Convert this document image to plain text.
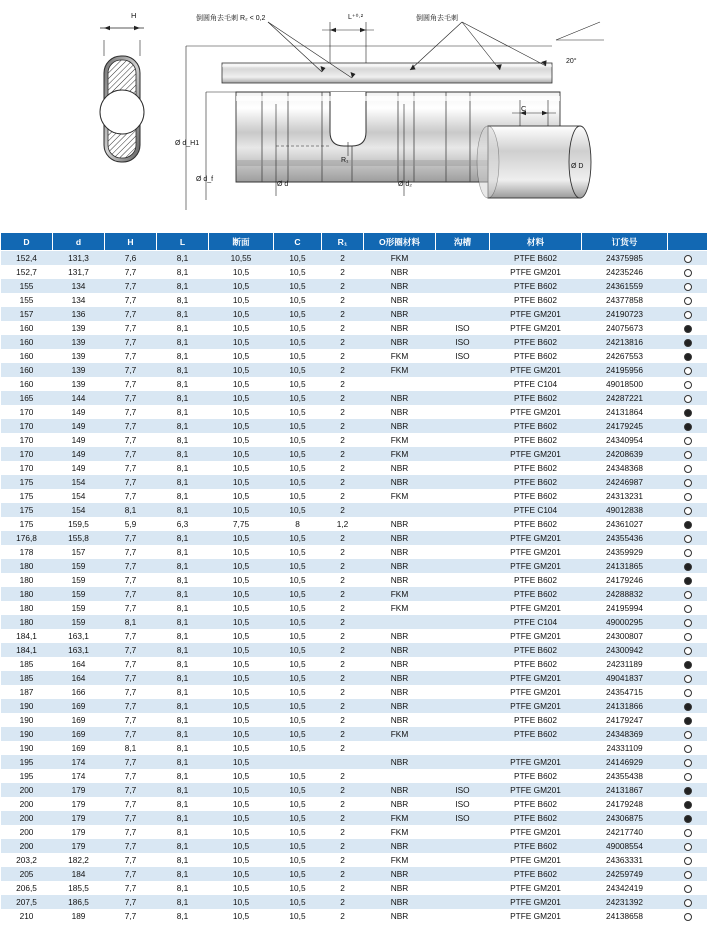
H	倒圆角去毛刺 R₂ < 0,2	L⁺⁰·²	倒圆角去毛刺
20°
C
Ø d_H1
Ø d_f
Ø d	Ø d₂
Ø D
R₁
D	d	H	L	断面	C	R₁	O形圈材料	沟槽	材料	订货号	
152,4	131,3	7,6	8,1	10,55	10,5	2	FKM		PTFE B602	24375985	
152,7	131,7	7,7	8,1	10,5	10,5	2	NBR		PTFE GM201	24235246	
155	134	7,7	8,1	10,5	10,5	2	NBR		PTFE B602	24361559	
155	134	7,7	8,1	10,5	10,5	2	NBR		PTFE B602	24377858	
157	136	7,7	8,1	10,5	10,5	2	NBR		PTFE GM201	24190723	
160	139	7,7	8,1	10,5	10,5	2	NBR	ISO	PTFE GM201	24075673	
160	139	7,7	8,1	10,5	10,5	2	NBR	ISO	PTFE B602	24213816	
160	139	7,7	8,1	10,5	10,5	2	FKM	ISO	PTFE B602	24267553	
160	139	7,7	8,1	10,5	10,5	2	FKM		PTFE GM201	24195956	
160	139	7,7	8,1	10,5	10,5	2			PTFE C104	49018500	
165	144	7,7	8,1	10,5	10,5	2	NBR		PTFE B602	24287221	
170	149	7,7	8,1	10,5	10,5	2	NBR		PTFE GM201	24131864	
170	149	7,7	8,1	10,5	10,5	2	NBR		PTFE B602	24179245	
170	149	7,7	8,1	10,5	10,5	2	FKM		PTFE B602	24340954	
170	149	7,7	8,1	10,5	10,5	2	FKM		PTFE GM201	24208639	
170	149	7,7	8,1	10,5	10,5	2	NBR		PTFE B602	24348368	
175	154	7,7	8,1	10,5	10,5	2	NBR		PTFE B602	24246987	
175	154	7,7	8,1	10,5	10,5	2	FKM		PTFE B602	24313231	
175	154	8,1	8,1	10,5	10,5	2			PTFE C104	49012838	
175	159,5	5,9	6,3	7,75	8	1,2	NBR		PTFE B602	24361027	
176,8	155,8	7,7	8,1	10,5	10,5	2	NBR		PTFE GM201	24355436	
178	157	7,7	8,1	10,5	10,5	2	NBR		PTFE GM201	24359929	
180	159	7,7	8,1	10,5	10,5	2	NBR		PTFE GM201	24131865	
180	159	7,7	8,1	10,5	10,5	2	NBR		PTFE B602	24179246	
180	159	7,7	8,1	10,5	10,5	2	FKM		PTFE B602	24288832	
180	159	7,7	8,1	10,5	10,5	2	FKM		PTFE GM201	24195994	
180	159	8,1	8,1	10,5	10,5	2			PTFE C104	49000295	
184,1	163,1	7,7	8,1	10,5	10,5	2	NBR		PTFE GM201	24300807	
184,1	163,1	7,7	8,1	10,5	10,5	2	NBR		PTFE B602	24300942	
185	164	7,7	8,1	10,5	10,5	2	NBR		PTFE B602	24231189	
185	164	7,7	8,1	10,5	10,5	2	NBR		PTFE GM201	49041837	
187	166	7,7	8,1	10,5	10,5	2	NBR		PTFE GM201	24354715	
190	169	7,7	8,1	10,5	10,5	2	NBR		PTFE GM201	24131866	
190	169	7,7	8,1	10,5	10,5	2	NBR		PTFE B602	24179247	
190	169	7,7	8,1	10,5	10,5	2	FKM		PTFE B602	24348369	
190	169	8,1	8,1	10,5	10,5	2				24331109	
195	174	7,7	8,1	10,5			NBR		PTFE GM201	24146929	
195	174	7,7	8,1	10,5	10,5	2			PTFE B602	24355438	
200	179	7,7	8,1	10,5	10,5	2	NBR	ISO	PTFE GM201	24131867	
200	179	7,7	8,1	10,5	10,5	2	NBR	ISO	PTFE B602	24179248	
200	179	7,7	8,1	10,5	10,5	2	FKM	ISO	PTFE B602	24306875	
200	179	7,7	8,1	10,5	10,5	2	FKM		PTFE GM201	24217740	
200	179	7,7	8,1	10,5	10,5	2	NBR		PTFE B602	49008554	
203,2	182,2	7,7	8,1	10,5	10,5	2	FKM		PTFE GM201	24363331	
205	184	7,7	8,1	10,5	10,5	2	NBR		PTFE B602	24259749	
206,5	185,5	7,7	8,1	10,5	10,5	2	NBR		PTFE GM201	24342419	
207,5	186,5	7,7	8,1	10,5	10,5	2	NBR		PTFE GM201	24231392	
210	189	7,7	8,1	10,5	10,5	2	NBR		PTFE GM201	24138658	
